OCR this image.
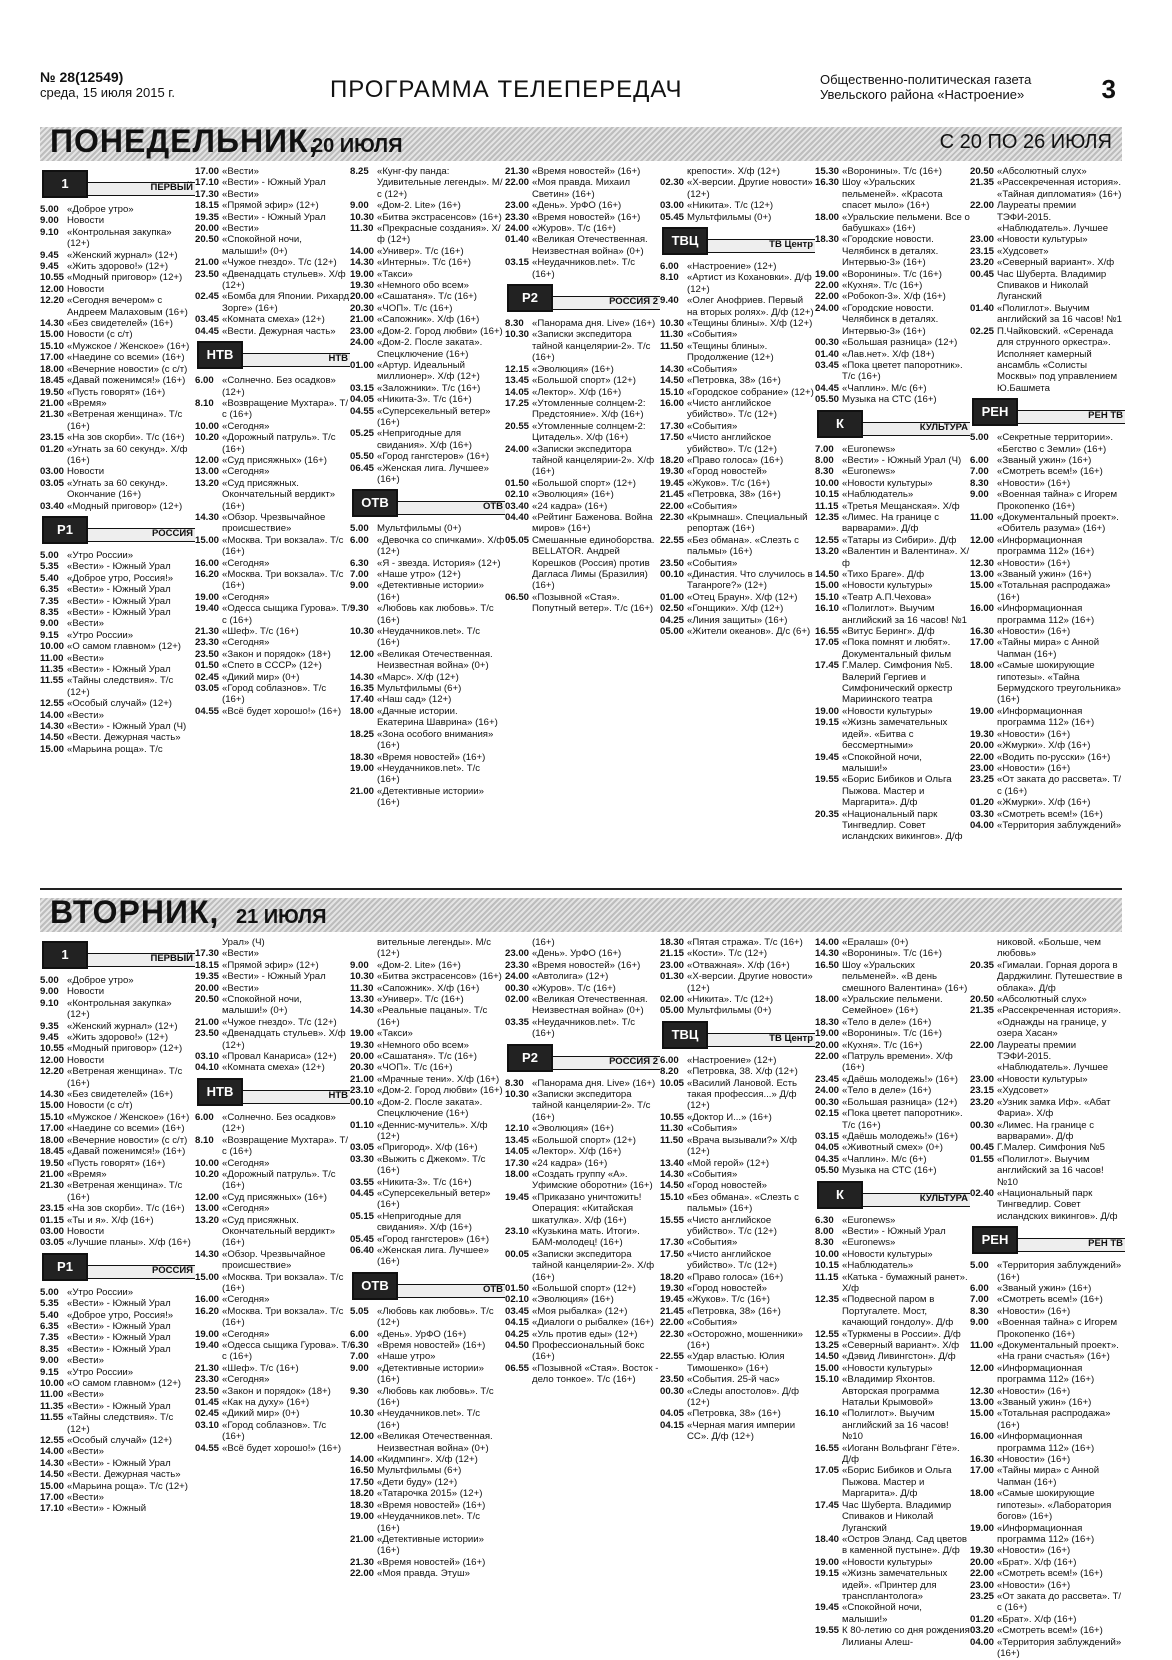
№ 28(12549)
среда, 15 июля 2015 г.	ПРОГРАММА ТЕЛЕПЕРЕДАЧ	Общественно-политическая газета
Увельского района «Настроение»	3
ПОНЕДЕЛЬНИК,
20 ИЮЛЯ	С 20 ПО 26 ИЮЛЯ
1	ПЕРВЫЙ
5.00 «Доброе утро»
9.00 Новости
9.10 «Контрольная закупка» (12+)
9.45 «Женский журнал» (12+)
9.45 «Жить здорово!» (12+)
10.55 «Модный приговор» (12+)
12.00 Новости
12.20 «Сегодня вечером» с Андреем Малаховым (16+)
14.30 «Без свидетелей» (16+)
15.00 Новости (с с/т)
15.10 «Мужское / Женское» (16+)
17.00 «Наедине со всеми» (16+)
18.00 «Вечерние новости» (с с/т)
18.45 «Давай поженимся!» (16+)
19.50 «Пусть говорят» (16+)
21.00 «Время»
21.30 «Ветреная женщина». Т/с (16+)
23.15 «На зов скорби». Т/с (16+)
01.20 «Угнать за 60 секунд». Х/ф (16+)
03.00 Новости
03.05 «Угнать за 60 секунд». Окончание (16+)
03.40 «Модный приговор» (12+)
Р1	РОССИЯ
5.00 «Утро России»
5.35 «Вести» - Южный Урал
5.40 «Доброе утро, Россия!»
6.35 «Вести» - Южный Урал
7.35 «Вести» - Южный Урал
8.35 «Вести» - Южный Урал
9.00 «Вести»
9.15 «Утро России»
10.00 «О самом главном» (12+)
11.00 «Вести»
11.35 «Вести» - Южный Урал
11.55 «Тайны следствия». Т/с (12+)
12.55 «Особый случай» (12+)
14.00 «Вести»
14.30 «Вести» - Южный Урал (Ч)
14.50 «Вести. Дежурная часть»
15.00 «Марьина роща». Т/с
17.00 «Вести»
17.10 «Вести» - Южный Урал
17.30 «Вести»
18.15 «Прямой эфир» (12+)
19.35 «Вести» - Южный Урал
20.00 «Вести»
20.50 «Спокойной ночи, малыши!» (0+)
21.00 «Чужое гнездо». Т/с (12+)
23.50 «Двенадцать стульев». Х/ф (12+)
02.45 «Бомба для Японии. Рихард Зорге» (16+)
03.45 «Комната смеха» (12+)
04.45 «Вести. Дежурная часть»
НТВ	НТВ
6.00 «Солнечно. Без осадков» (12+)
8.10 «Возвращение Мухтара». Т/с (16+)
10.00 «Сегодня»
10.20 «Дорожный патруль». Т/с (16+)
12.00 «Суд присяжных» (16+)
13.00 «Сегодня»
13.20 «Суд присяжных. Окончательный вердикт» (16+)
14.30 «Обзор. Чрезвычайное происшествие»
15.00 «Москва. Три вокзала». Т/с (16+)
16.00 «Сегодня»
16.20 «Москва. Три вокзала». Т/с (16+)
19.00 «Сегодня»
19.40 «Одесса сыщика Гурова». Т/с (16+)
21.30 «Шеф». Т/с (16+)
23.30 «Сегодня»
23.50 «Закон и порядок» (18+)
01.50 «Спето в СССР» (12+)
02.45 «Дикий мир» (0+)
03.05 «Город соблазнов». Т/с (16+)
04.55 «Всё будет хорошо!» (16+)
8.25 «Кунг-фу панда: Удивительные легенды». М/с (12+)
9.00 «Дом-2. Lite» (16+)
10.30 «Битва экстрасенсов» (16+)
11.30 «Прекрасные создания». Х/ф (12+)
14.00 «Универ». Т/с (16+)
14.30 «Интерны». Т/с (16+)
19.00 «Такси»
19.30 «Немного обо всем»
20.00 «Сашатаня». Т/с (16+)
20.30 «ЧОП». Т/с (16+)
21.00 «Сапожник». Х/ф (16+)
23.00 «Дом-2. Город любви» (16+)
24.00 «Дом-2. После заката». Спецключение (16+)
01.00 «Артур. Идеальный миллионер». Х/ф (12+)
03.15 «Заложники». Т/с (16+)
04.05 «Никита-3». Т/с (16+)
04.55 «Суперсекельный ветер» (16+)
05.25 «Непригодные для свидания». Х/ф (16+)
05.50 «Город гангстеров» (16+)
06.45 «Женская лига. Лучшее» (16+)
ОТВ	ОТВ
5.00 Мультфильмы (0+)
6.00 «Девочка со спичками». Х/ф (12+)
6.30 «Я - звезда. История» (12+)
7.00 «Наше утро» (12+)
9.00 «Детективные истории» (16+)
9.30 «Любовь как любовь». Т/с (16+)
10.30 «Неудачников.net». Т/с (16+)
12.00 «Великая Отечественная. Неизвестная война» (0+)
14.30 «Марс». Х/ф (12+)
16.35 Мультфильмы (6+)
17.40 «Наш сад» (12+)
18.00 «Дачные истории. Екатерина Шаврина» (16+)
18.25 «Зона особого внимания» (16+)
18.30 «Время новостей» (16+)
19.00 «Неудачников.net». Т/с (16+)
21.00 «Детективные истории» (16+)
21.30 «Время новостей» (16+)
22.00 «Моя правда. Михаил Светин» (16+)
23.00 «День». УрФО (16+)
23.30 «Время новостей» (16+)
24.00 «Журов». Т/с (16+)
01.40 «Великая Отечественная. Неизвестная война» (0+)
03.15 «Неудачников.net». Т/с (16+)
Р2	РОССИЯ 2
8.30 «Панорама дня. Live» (16+)
10.30 «Записки экспедитора тайной канцелярии-2». Т/с (16+)
12.15 «Эволюция» (16+)
13.45 «Большой спорт» (12+)
14.05 «Лектор». Х/ф (16+)
17.25 «Утомленные солнцем-2: Предстояние». Х/ф (16+)
20.55 «Утомленные солнцем-2: Цитадель». Х/ф (16+)
24.00 «Записки экспедитора тайной канцелярии-2». Х/ф (16+)
01.50 «Большой спорт» (12+)
02.10 «Эволюция» (16+)
03.40 «24 кадра» (16+)
04.40 «Рейтинг Баженова. Война миров» (16+)
05.05 Смешанные единоборства. BELLATOR. Андрей Корешков (Россия) против Дагласа Лимы (Бразилия) (16+)
06.50 «Позывной «Стая». Попутный ветер». Т/с (16+)
крепости». Х/ф (12+)
02.30 «Х-версии. Другие новости» (12+)
03.00 «Никита». Т/с (12+)
05.45 Мультфильмы (0+)
ТВЦ	ТВ Центр
6.00 «Настроение» (12+)
8.10 «Артист из Кохановки». Д/ф (12+)
9.40 «Олег Анофриев. Первый на вторых ролях». Д/ф (12+)
10.30 «Тещины блины». Х/ф (12+)
11.30 «События»
11.50 «Тещины блины». Продолжение (12+)
14.30 «События»
14.50 «Петровка, 38» (16+)
15.10 «Городское собрание» (12+)
16.00 «Чисто английское убийство». Т/с (12+)
17.30 «События»
17.50 «Чисто английское убийство». Т/с (12+)
18.20 «Право голоса» (16+)
19.30 «Город новостей»
19.45 «Жуков». Т/с (16+)
21.45 «Петровка, 38» (16+)
22.00 «События»
22.30 «Крымнаш». Специальный репортаж (16+)
22.55 «Без обмана». «Слезть с пальмы» (16+)
23.50 «События»
00.10 «Династия. Что случилось в Таганроге?» (12+)
01.00 «Отец Браун». Х/ф (12+)
02.50 «Гонщики». Х/ф (12+)
04.25 «Линия защиты» (16+)
05.00 «Жители океанов». Д/с (6+)
15.30 «Воронины». Т/с (16+)
16.30 Шоу «Уральских пельменей». «Красота спасет мыло» (16+)
18.00 «Уральские пельмени. Все о бабушках» (16+)
18.30 «Городские новости. Челябинск в деталях. Интервью-3» (16+)
19.00 «Воронины». Т/с (16+)
22.00 «Кухня». Т/с (16+)
22.00 «Робокоп-3». Х/ф (16+)
24.00 «Городские новости. Челябинск в деталях. Интервью-3» (16+)
00.30 «Большая разница» (12+)
01.40 «Лав.нет». Х/ф (18+)
03.45 «Пока цветет папоротник». Т/с (16+)
04.45 «Чаплин». М/с (6+)
05.50 Музыка на СТС (16+)
К	КУЛЬТУРА
7.00 «Euronews»
8.00 «Вести» - Южный Урал (Ч)
8.30 «Euronews»
10.00 «Новости культуры»
10.15 «Наблюдатель»
11.15 «Третья Мещанская». Х/ф
12.35 «Лимес. На границе с варварами». Д/ф
12.55 «Татары из Сибири». Д/ф
13.20 «Валентин и Валентина». Х/ф
14.50 «Тихо Браге». Д/ф
15.00 «Новости культуры»
15.10 «Театр А.П.Чехова»
16.10 «Полиглот». Выучим английский за 16 часов! №1
16.55 «Витус Беринг». Д/ф
17.05 «Пока помнят и любят». Документальный фильм
17.45 Г.Малер. Симфония №5. Валерий Гергиев и Симфонический оркестр Мариинского театра
19.00 «Новости культуры»
19.15 «Жизнь замечательных идей». «Битва с бессмертными»
19.45 «Спокойной ночи, малыши!»
19.55 «Борис Бибиков и Ольга Пыжова. Мастер и Маргарита». Д/ф
20.35 «Национальный парк Тингведлир. Совет исландских викингов». Д/ф
20.50 «Абсолютный слух»
21.35 «Рассекреченная история». «Тайная дипломатия» (16+)
22.00 Лауреаты премии ТЭФИ-2015. «Наблюдатель». Лучшее
23.00 «Новости культуры»
23.15 «Худсовет»
23.20 «Северный вариант». Х/ф
00.45 Час Шуберта. Владимир Спиваков и Николай Луганский
01.40 «Полиглот». Выучим английский за 16 часов! №1
02.25 П.Чайковский. «Серенада для струнного оркестра». Исполняет камерный ансамбль «Солисты Москвы» под управлением Ю.Башмета
РЕН	РЕН ТВ
5.00 «Секретные территории». «Бегство с Земли» (16+)
6.00 «Званый ужин» (16+)
7.00 «Смотреть всем!» (16+)
8.30 «Новости» (16+)
9.00 «Военная тайна» с Игорем Прокопенко (16+)
11.00 «Документальный проект». «Обитель разума» (16+)
12.00 «Информационная программа 112» (16+)
12.30 «Новости» (16+)
13.00 «Званый ужин» (16+)
15.00 «Тотальная распродажа» (16+)
16.00 «Информационная программа 112» (16+)
16.30 «Новости» (16+)
17.00 «Тайны мира» с Анной Чапман (16+)
18.00 «Самые шокирующие гипотезы». «Тайна Бермудского треугольника» (16+)
19.00 «Информационная программа 112» (16+)
19.30 «Новости» (16+)
20.00 «Жмурки». Х/ф (16+)
22.00 «Водить по-русски» (16+)
23.00 «Новости» (16+)
23.25 «От заката до рассвета». Т/с (16+)
01.20 «Жмурки». Х/ф (16+)
03.30 «Смотреть всем!» (16+)
04.00 «Территория заблуждений»
ВТОРНИК, 21 ИЮЛЯ
1	ПЕРВЫЙ
5.00 «Доброе утро»
9.00 Новости
9.10 «Контрольная закупка» (12+)
9.35 «Женский журнал» (12+)
9.45 «Жить здорово!» (12+)
10.55 «Модный приговор» (12+)
12.00 Новости
12.20 «Ветреная женщина». Т/с (16+)
14.30 «Без свидетелей» (16+)
15.00 Новости (с с/т)
15.10 «Мужское / Женское» (16+)
17.00 «Наедине со всеми» (16+)
18.00 «Вечерние новости» (с с/т)
18.45 «Давай поженимся!» (16+)
19.50 «Пусть говорят» (16+)
21.00 «Время»
21.30 «Ветреная женщина». Т/с (16+)
23.15 «На зов скорби». Т/с (16+)
01.15 «Ты и я». Х/ф (16+)
03.00 Новости
03.05 «Лучшие планы». Х/ф (16+)
Р1	РОССИЯ
5.00 «Утро России»
5.35 «Вести» - Южный Урал
5.40 «Доброе утро, Россия!»
6.35 «Вести» - Южный Урал
7.35 «Вести» - Южный Урал
8.35 «Вести» - Южный Урал
9.00 «Вести»
9.15 «Утро России»
10.00 «О самом главном» (12+)
11.00 «Вести»
11.35 «Вести» - Южный Урал
11.55 «Тайны следствия». Т/с (12+)
12.55 «Особый случай» (12+)
14.00 «Вести»
14.30 «Вести» - Южный Урал
14.50 «Вести. Дежурная часть»
15.00 «Марьина роща». Т/с (12+)
17.00 «Вести»
17.10 «Вести» - Южный
Урал» (Ч)
17.30 «Вести»
18.15 «Прямой эфир» (12+)
19.35 «Вести» - Южный Урал
20.00 «Вести»
20.50 «Спокойной ночи, малыши!» (0+)
21.00 «Чужое гнездо». Т/с (12+)
23.50 «Двенадцать стульев». Х/ф (12+)
03.10 «Провал Канариса» (12+)
04.10 «Комната смеха» (12+)
НТВ	НТВ
6.00 «Солнечно. Без осадков» (12+)
8.10 «Возвращение Мухтара». Т/с (16+)
10.00 «Сегодня»
10.20 «Дорожный патруль». Т/с (16+)
12.00 «Суд присяжных» (16+)
13.00 «Сегодня»
13.20 «Суд присяжных. Окончательный вердикт» (16+)
14.30 «Обзор. Чрезвычайное происшествие»
15.00 «Москва. Три вокзала». Т/с (16+)
16.00 «Сегодня»
16.20 «Москва. Три вокзала». Т/с (16+)
19.00 «Сегодня»
19.40 «Одесса сыщика Гурова». Т/с (16+)
21.30 «Шеф». Т/с (16+)
23.30 «Сегодня»
23.50 «Закон и порядок» (18+)
01.45 «Как на духу» (16+)
02.45 «Дикий мир» (0+)
03.10 «Город соблазнов». Т/с (16+)
04.55 «Всё будет хорошо!» (16+)
вительные легенды». М/с (12+)
9.00 «Дом-2. Lite» (16+)
10.30 «Битва экстрасенсов» (16+)
11.30 «Сапожник». Х/ф (16+)
13.30 «Универ». Т/с (16+)
14.30 «Реальные пацаны». Т/с (16+)
19.00 «Такси»
19.30 «Немного обо всем»
20.00 «Сашатаня». Т/с (16+)
20.30 «ЧОП». Т/с (16+)
21.00 «Мрачные тени». Х/ф (16+)
23.10 «Дом-2. Город любви» (16+)
00.10 «Дом-2. После заката». Спецключение (16+)
01.10 «Деннис-мучитель». Х/ф (12+)
03.05 «Пригород». Х/ф (16+)
03.30 «Выжить с Джеком». Т/с (16+)
03.55 «Никита-3». Т/с (16+)
04.45 «Суперсекельный ветер» (16+)
05.15 «Непригодные для свидания». Х/ф (16+)
05.45 «Город гангстеров» (16+)
06.40 «Женская лига. Лучшее» (16+)
ОТВ	ОТВ
5.05 «Любовь как любовь». Т/с (12+)
6.00 «День». УрФО (16+)
6.30 «Время новостей» (16+)
7.00 «Наше утро»
9.00 «Детективные истории» (16+)
9.30 «Любовь как любовь». Т/с (16+)
10.30 «Неудачников.net». Т/с (16+)
12.00 «Великая Отечественная. Неизвестная война» (0+)
14.00 «Кидмпинг». Х/ф (12+)
16.50 Мультфильмы (6+)
17.50 «Дети буду» (12+)
18.20 «Татарочка 2015» (12+)
18.30 «Время новостей» (16+)
19.00 «Неудачников.net». Т/с (16+)
21.00 «Детективные истории» (16+)
21.30 «Время новостей» (16+)
22.00 «Моя правда. Этуш»
(16+)
23.00 «День». УрФО (16+)
23.30 «Время новостей» (16+)
24.00 «Автолига» (12+)
00.30 «Журов». Т/с (16+)
02.00 «Великая Отечественная. Неизвестная война» (0+)
03.35 «Неудачников.net». Т/с (16+)
Р2	РОССИЯ 2
8.30 «Панорама дня. Live» (16+)
10.30 «Записки экспедитора тайной канцелярии-2». Т/с (16+)
12.10 «Эволюция» (16+)
13.45 «Большой спорт» (12+)
14.05 «Лектор». Х/ф (16+)
17.30 «24 кадра» (16+)
18.00 «Создать группу «А». Уфимские оборотни» (16+)
19.45 «Приказано уничтожить! Операция: «Китайская шкатулка». Х/ф (16+)
23.10 «Кузькина мать. Итоги». БАМ-молодец! (16+)
00.05 «Записки экспедитора тайной канцелярии-2». Х/ф (16+)
01.50 «Большой спорт» (12+)
02.10 «Эволюция» (16+)
03.45 «Моя рыбалка» (12+)
04.15 «Диалоги о рыбалке» (16+)
04.25 «Уль против еды» (12+)
04.50 Профессиональный бокс (16+)
06.55 «Позывной «Стая». Восток - дело тонкое». Т/с (16+)
18.30 «Пятая стража». Т/с (16+)
21.15 «Кости». Т/с (12+)
23.00 «Отважная». Х/ф (16+)
01.30 «Х-версии. Другие новости» (12+)
02.00 «Никита». Т/с (12+)
05.00 Мультфильмы (0+)
ТВЦ	ТВ Центр
6.00 «Настроение» (12+)
8.20 «Петровка, 38. Х/ф (12+)
10.05 «Василий Лановой. Есть такая профессия...» Д/ф (12+)
10.55 «Доктор И...» (16+)
11.30 «События»
11.50 «Врача вызывали?» Х/ф (12+)
13.40 «Мой герой» (12+)
14.30 «События»
14.50 «Город новостей»
15.10 «Без обмана». «Слезть с пальмы» (16+)
15.55 «Чисто английское убийство». Т/с (12+)
17.30 «События»
17.50 «Чисто английское убийство». Т/с (12+)
18.20 «Право голоса» (16+)
19.30 «Город новостей»
19.45 «Жуков». Т/с (16+)
21.45 «Петровка, 38» (16+)
22.00 «События»
22.30 «Осторожно, мошенники» (16+)
22.55 «Удар властью. Юлия Тимошенко» (16+)
23.50 «События. 25-й час»
00.30 «Следы апостолов». Д/ф (12+)
04.05 «Петровка, 38» (16+)
04.15 «Черная магия империи СС». Д/ф (12+)
14.00 «Ералаш» (0+)
14.30 «Воронины». Т/с (16+)
16.50 Шоу «Уральских пельменей». «В день смешного Валентина» (16+)
18.00 «Уральские пельмени. Семейное» (16+)
18.30 «Тело в деле» (16+)
19.00 «Воронины». Т/с (16+)
20.00 «Кухня». Т/с (16+)
22.00 «Патруль времени». Х/ф (16+)
23.45 «Даёшь молодежь!» (16+)
24.00 «Тело в деле» (16+)
00.30 «Большая разница» (12+)
02.15 «Пока цветет папоротник». Т/с (16+)
03.15 «Даёшь молодежь!» (16+)
04.05 «Животный смех» (0+)
04.35 «Чаплин». М/с (6+)
05.50 Музыка на СТС (16+)
К	КУЛЬТУРА
6.30 «Euronews»
8.00 «Вести» - Южный Урал
8.30 «Euronews»
10.00 «Новости культуры»
10.15 «Наблюдатель»
11.15 «Катька - бумажный ранет». Х/ф
12.35 «Подвесной паром в Португалете. Мост, качающий гондолу». Д/ф
12.55 «Туркмены в России». Д/ф
13.25 «Северный вариант». Х/ф
14.50 «Дэвид Ливингстон». Д/ф
15.00 «Новости культуры»
15.10 «Владимир Яхонтов. Авторская программа Натальи Крымовой»
16.10 «Полиглот». Выучим английский за 16 часов! №10
16.55 «Иоганн Вольфганг Гёте». Д/ф
17.05 «Борис Бибиков и Ольга Пыжова. Мастер и Маргарита». Д/ф
17.45 Час Шуберта. Владимир Спиваков и Николай Луганский
18.40 «Остров Эланд. Сад цветов в каменной пустыне». Д/ф
19.00 «Новости культуры»
19.15 «Жизнь замечательных идей». «Принтер для трансплантолога»
19.45 «Спокойной ночи, малыши!»
19.55 К 80-летию со дня рождения Лилианы Алеш-
никовой. «Больше, чем любовь»
20.35 «Гималаи. Горная дорога в Дарджилинг. Путешествие в облака». Д/ф
20.50 «Абсолютный слух»
21.35 «Рассекреченная история». «Однажды на границе, у озера Хасан»
22.00 Лауреаты премии ТЭФИ-2015. «Наблюдатель». Лучшее
23.00 «Новости культуры»
23.15 «Худсовет»
23.20 «Узник замка Иф». «Абат Фариа». Х/ф
00.30 «Лимес. На границе с варварами». Д/ф
00.45 Г.Малер. Симфония №5
01.55 «Полиглот». Выучим английский за 16 часов! №10
02.40 «Национальный парк Тингведлир. Совет исландских викингов». Д/ф
РЕН	РЕН ТВ
5.00 «Территория заблуждений» (16+)
6.00 «Званый ужин» (16+)
7.00 «Смотреть всем!» (16+)
8.30 «Новости» (16+)
9.00 «Военная тайна» с Игорем Прокопенко (16+)
11.00 «Документальный проект». «На грани счастья» (16+)
12.00 «Информационная программа 112» (16+)
12.30 «Новости» (16+)
13.00 «Званый ужин» (16+)
15.00 «Тотальная распродажа» (16+)
16.00 «Информационная программа 112» (16+)
16.30 «Новости» (16+)
17.00 «Тайны мира» с Анной Чапман (16+)
18.00 «Самые шокирующие гипотезы». «Лаборатория богов» (16+)
19.00 «Информационная программа 112» (16+)
19.30 «Новости» (16+)
20.00 «Брат». Х/ф (16+)
22.00 «Смотреть всем!» (16+)
23.00 «Новости» (16+)
23.25 «От заката до рассвета». Т/с (16+)
01.20 «Брат». Х/ф (16+)
03.20 «Смотреть всем!» (16+)
04.00 «Территория заблуждений» (16+)
